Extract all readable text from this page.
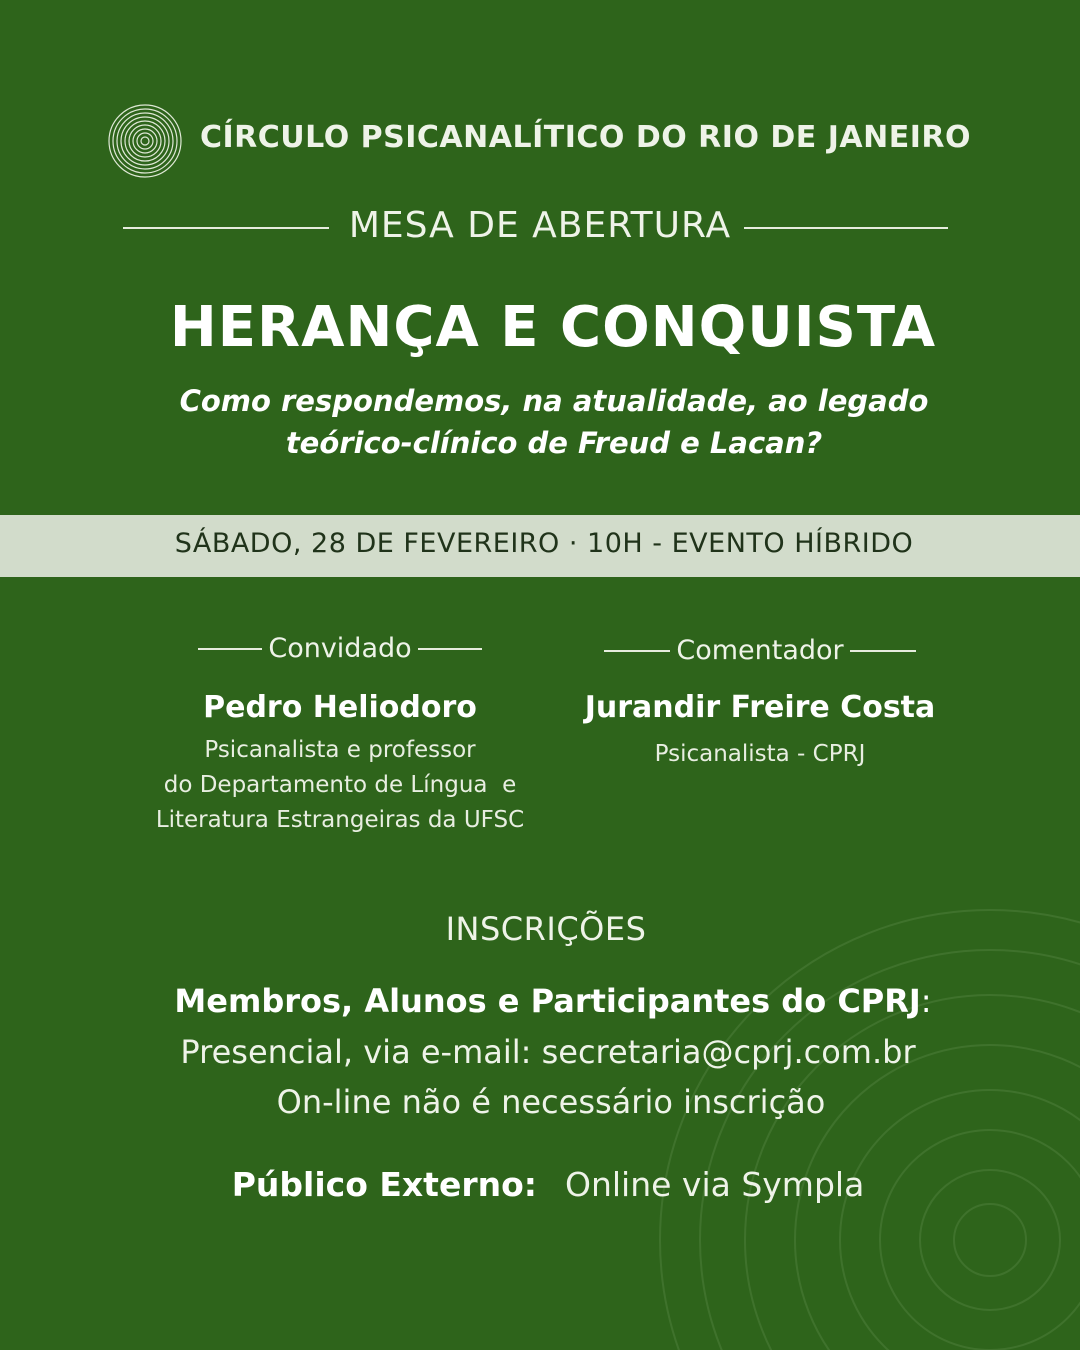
CÍRCULO PSICANALÍTICO DO RIO DE JANEIRO
MESA DE ABERTURA
HERANÇA E CONQUISTA
Como respondemos, na atualidade, ao legado
teórico-clínico de Freud e Lacan?
SÁBADO, 28 DE FEVEREIRO · 10H - EVENTO HÍBRIDO
Convidado
Pedro Heliodoro
Psicanalista e professor
do Departamento de Língua  e
Literatura Estrangeiras da UFSC
Comentador
Jurandir Freire Costa
Psicanalista - CPRJ
INSCRIÇÕES
Membros, Alunos e Participantes do CPRJ:
Presencial, via e-mail: secretaria@cprj.com.br
On-line não é necessário inscrição
Público Externo: Online via Sympla
